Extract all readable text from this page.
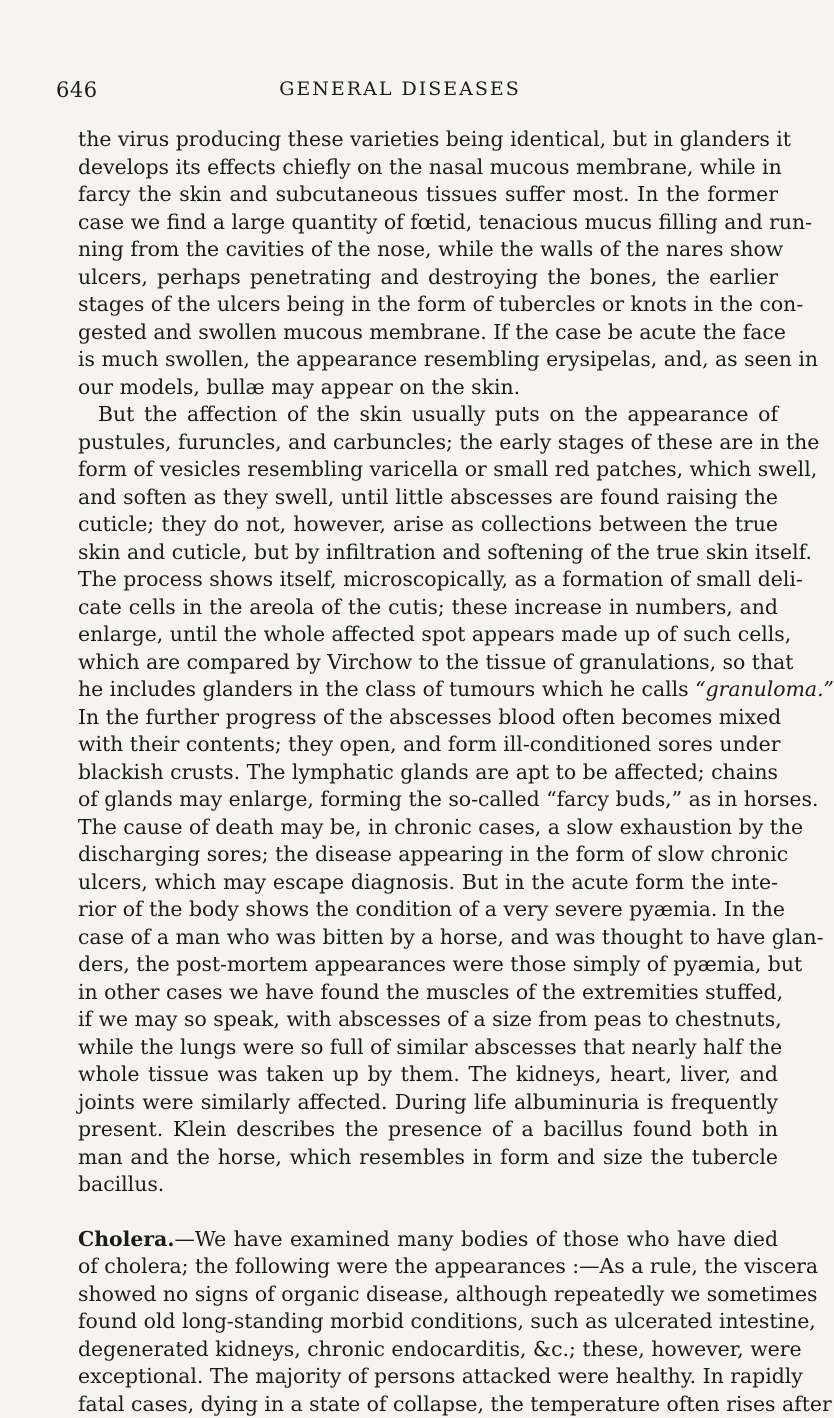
646	GENERAL DISEASES
the virus producing these varieties being identical, but in glanders it
develops its effects chiefly on the nasal mucous membrane, while in
farcy the skin and subcutaneous tissues suffer most. In the former
case we find a large quantity of fœtid, tenacious mucus filling and run-
ning from the cavities of the nose, while the walls of the nares show
ulcers, perhaps penetrating and destroying the bones, the earlier
stages of the ulcers being in the form of tubercles or knots in the con-
gested and swollen mucous membrane. If the case be acute the face
is much swollen, the appearance resembling erysipelas, and, as seen in
our models, bullæ may appear on the skin.
But the affection of the skin usually puts on the appearance of
pustules, furuncles, and carbuncles; the early stages of these are in the
form of vesicles resembling varicella or small red patches, which swell,
and soften as they swell, until little abscesses are found raising the
cuticle; they do not, however, arise as collections between the true
skin and cuticle, but by infiltration and softening of the true skin itself.
The process shows itself, microscopically, as a formation of small deli-
cate cells in the areola of the cutis; these increase in numbers, and
enlarge, until the whole affected spot appears made up of such cells,
which are compared by Virchow to the tissue of granulations, so that
he includes glanders in the class of tumours which he calls “granuloma.”
In the further progress of the abscesses blood often becomes mixed
with their contents; they open, and form ill-conditioned sores under
blackish crusts. The lymphatic glands are apt to be affected; chains
of glands may enlarge, forming the so-called “farcy buds,” as in horses.
The cause of death may be, in chronic cases, a slow exhaustion by the
discharging sores; the disease appearing in the form of slow chronic
ulcers, which may escape diagnosis. But in the acute form the inte-
rior of the body shows the condition of a very severe pyæmia. In the
case of a man who was bitten by a horse, and was thought to have glan-
ders, the post-mortem appearances were those simply of pyæmia, but
in other cases we have found the muscles of the extremities stuffed,
if we may so speak, with abscesses of a size from peas to chestnuts,
while the lungs were so full of similar abscesses that nearly half the
whole tissue was taken up by them. The kidneys, heart, liver, and
joints were similarly affected. During life albuminuria is frequently
present. Klein describes the presence of a bacillus found both in
man and the horse, which resembles in form and size the tubercle
bacillus.
Cholera.—We have examined many bodies of those who have died
of cholera; the following were the appearances :—As a rule, the viscera
showed no signs of organic disease, although repeatedly we sometimes
found old long-standing morbid conditions, such as ulcerated intestine,
degenerated kidneys, chronic endocarditis, &c.; these, however, were
exceptional. The majority of persons attacked were healthy. In rapidly
fatal cases, dying in a state of collapse, the temperature often rises after
